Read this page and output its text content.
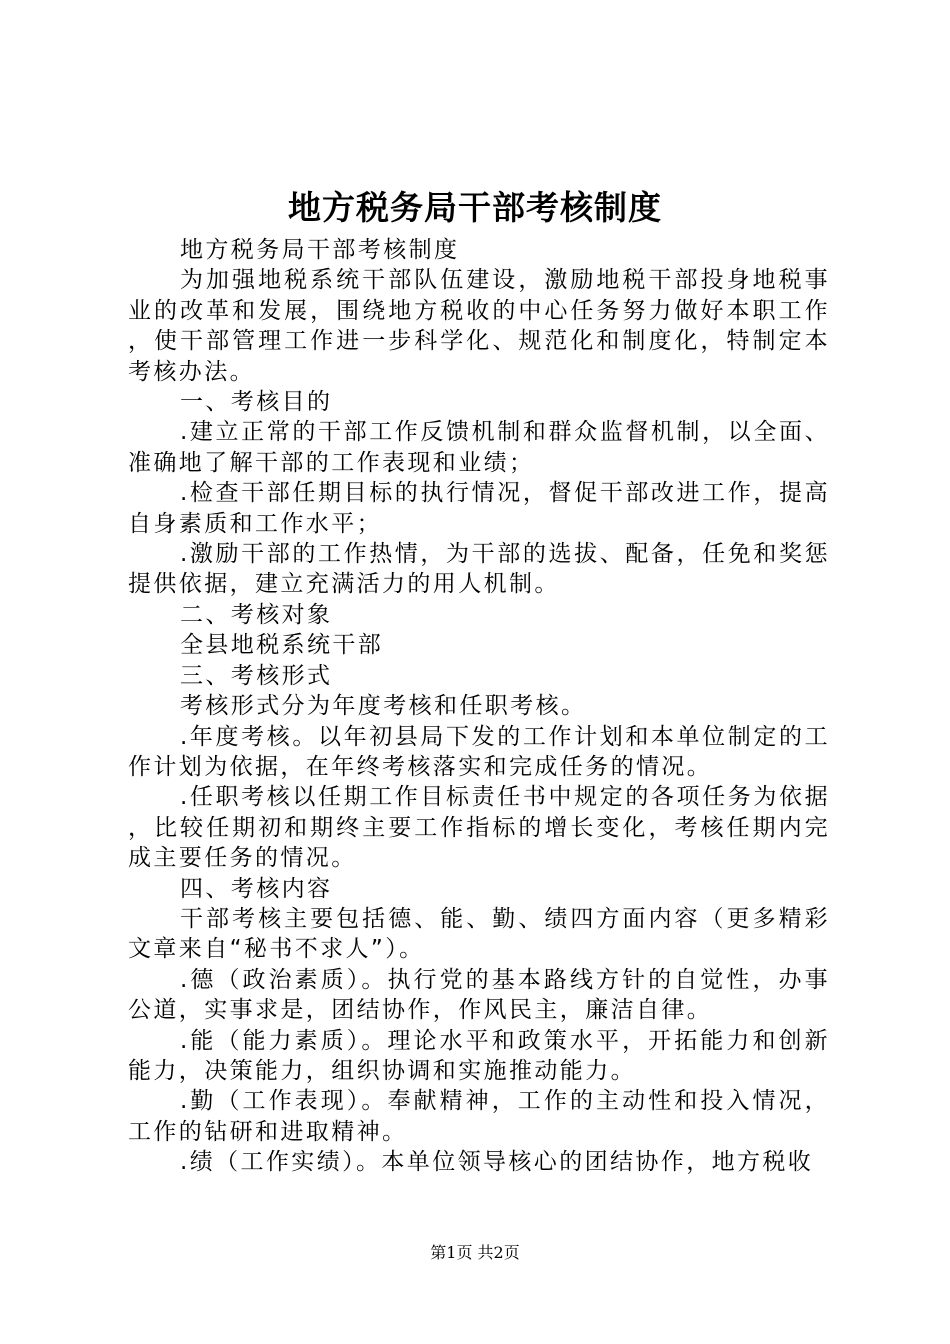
地方税务局干部考核制度

地方税务局干部考核制度

为加强地税系统干部队伍建设，激励地税干部投身地税事业的改革和发展，围绕地方税收的中心任务努力做好本职工作，使干部管理工作进一步科学化、规范化和制度化，特制定本考核办法。

一、考核目的

.建立正常的干部工作反馈机制和群众监督机制，以全面、准确地了解干部的工作表现和业绩；

.检查干部任期目标的执行情况，督促干部改进工作，提高自身素质和工作水平；

.激励干部的工作热情，为干部的选拔、配备，任免和奖惩提供依据，建立充满活力的用人机制。

二、考核对象

全县地税系统干部

三、考核形式

考核形式分为年度考核和任职考核。

.年度考核。以年初县局下发的工作计划和本单位制定的工作计划为依据，在年终考核落实和完成任务的情况。

.任职考核以任期工作目标责任书中规定的各项任务为依据，比较任期初和期终主要工作指标的增长变化，考核任期内完成主要任务的情况。

四、考核内容

干部考核主要包括德、能、勤、绩四方面内容（更多精彩文章来自“秘书不求人”）。

.德（政治素质）。执行党的基本路线方针的自觉性，办事公道，实事求是，团结协作，作风民主，廉洁自律。

.能（能力素质）。理论水平和政策水平，开拓能力和创新能力，决策能力，组织协调和实施推动能力。

.勤（工作表现）。奉献精神，工作的主动性和投入情况，工作的钻研和进取精神。

.绩（工作实绩）。本单位领导核心的团结协作，地方税收

第1页 共2页
